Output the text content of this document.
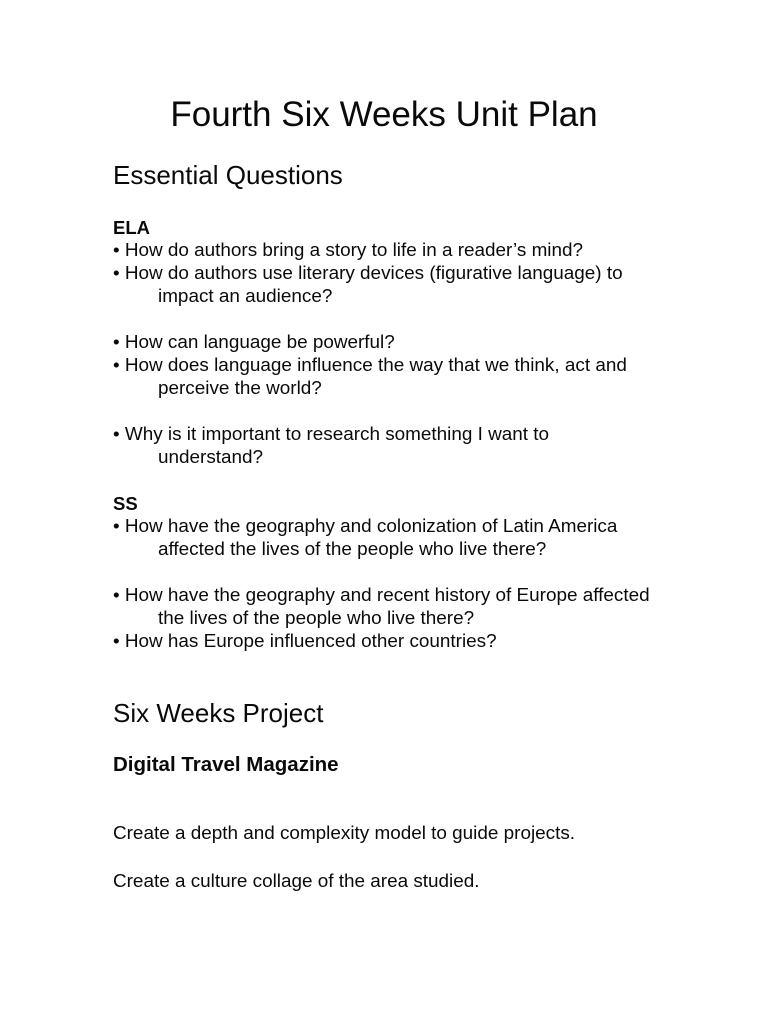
Fourth Six Weeks Unit Plan
Essential Questions
ELA
• How do authors bring a story to life in a reader’s mind?
• How do authors use literary devices (figurative language) to
impact an audience?
• How can language be powerful?
• How does language influence the way that we think, act and
perceive the world?
• Why is it important to research something I want to
understand?
SS
• How have the geography and colonization of Latin America
affected the lives of the people who live there?
• How have the geography and recent history of Europe affected
the lives of the people who live there?
• How has Europe influenced other countries?
Six Weeks Project
Digital Travel Magazine
Create a depth and complexity model to guide projects.
Create a culture collage of the area studied.
